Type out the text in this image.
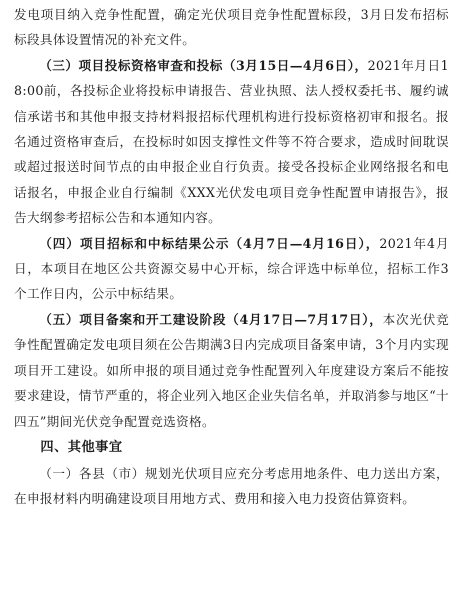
发电项目纳入竞争性配置，确定光伏项目竞争性配置标段，3月日发布招标标段具体设置情况的补充文件。

（三）项目投标资格审查和投标（3月15日—4月6日），2021年月日18:00前，各投标企业将投标申请报告、营业执照、法人授权委托书、履约诚信承诺书和其他申报支持材料报招标代理机构进行投标资格初审和报名。报名通过资格审查后，在投标时如因支撑性文件等不符合要求，造成时间耽误或超过报送时间节点的由申报企业自行负责。接受各投标企业网络报名和电话报名，申报企业自行编制《XXX光伏发电项目竞争性配置申请报告》，报告大纲参考招标公告和本通知内容。

（四）项目招标和中标结果公示（4月7日—4月16日），2021年4月日，本项目在地区公共资源交易中心开标，综合评选中标单位，招标工作3个工作日内，公示中标结果。

（五）项目备案和开工建设阶段（4月17日—7月17日），本次光伏竞争性配置确定发电项目须在公告期满3日内完成项目备案申请，3个月内实现项目开工建设。如所申报的项目通过竞争性配置列入年度建设方案后不能按要求建设，情节严重的，将企业列入地区企业失信名单，并取消参与地区“十四五”期间光伏竞争配置竞选资格。

四、其他事宜

（一）各县（市）规划光伏项目应充分考虑用地条件、电力送出方案，在申报材料内明确建设项目用地方式、费用和接入电力投资估算资料。
